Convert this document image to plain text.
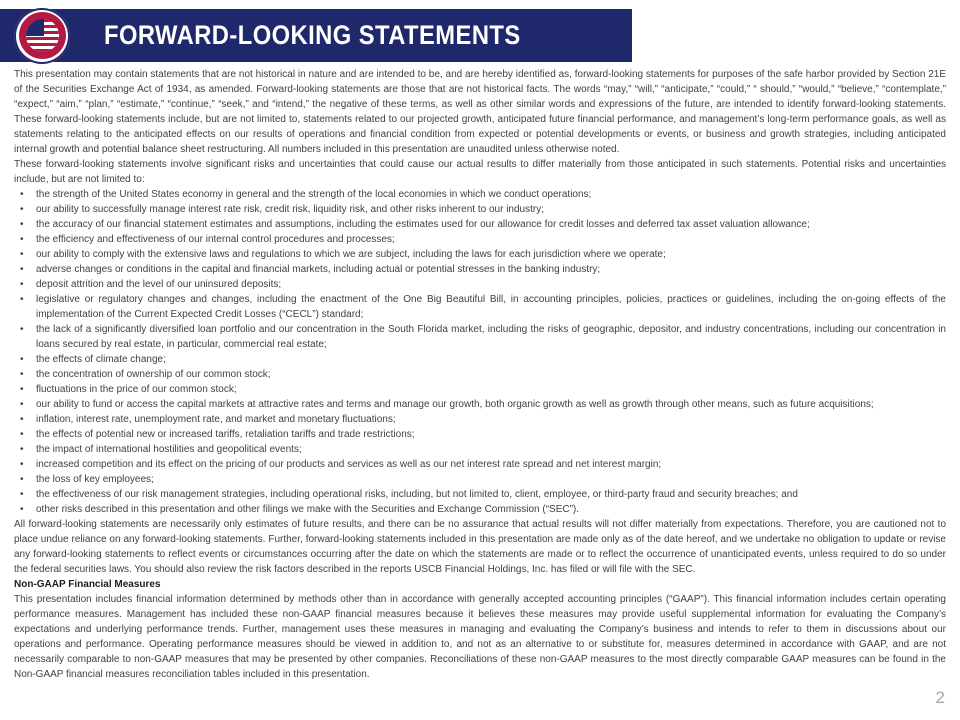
FORWARD-LOOKING STATEMENTS

This presentation may contain statements that are not historical in nature and are intended to be, and are hereby identified as, forward-looking statements for purposes of the safe harbor provided by Section 21E of the Securities Exchange Act of 1934, as amended. Forward-looking statements are those that are not historical facts. The words “may,” “will,” “anticipate,” “could,” “ should,” “would,” “believe,” “contemplate,” “expect,” “aim,” “plan,” “estimate,” “continue,” “seek,” and “intend,” the negative of these terms, as well as other similar words and expressions of the future, are intended to identify forward-looking statements. These forward-looking statements include, but are not limited to, statements related to our projected growth, anticipated future financial performance, and management’s long-term performance goals, as well as statements relating to the anticipated effects on our results of operations and financial condition from expected or potential developments or events, or business and growth strategies, including anticipated internal growth and potential balance sheet restructuring. All numbers included in this presentation are unaudited unless otherwise noted.

These forward-looking statements involve significant risks and uncertainties that could cause our actual results to differ materially from those anticipated in such statements. Potential risks and uncertainties include, but are not limited to:

•	the strength of the United States economy in general and the strength of the local economies in which we conduct operations;
•	our ability to successfully manage interest rate risk, credit risk, liquidity risk, and other risks inherent to our industry;
•	the accuracy of our financial statement estimates and assumptions, including the estimates used for our allowance for credit losses and deferred tax asset valuation allowance;
•	the efficiency and effectiveness of our internal control procedures and processes;
•	our ability to comply with the extensive laws and regulations to which we are subject, including the laws for each jurisdiction where we operate;
•	adverse changes or conditions in the capital and financial markets, including actual or potential stresses in the banking industry;
•	deposit attrition and the level of our uninsured deposits;
•	legislative or regulatory changes and changes, including the enactment of the One Big Beautiful Bill, in accounting principles, policies, practices or guidelines, including the on-going effects of the implementation of the Current Expected Credit Losses (“CECL”) standard;
•	the lack of a significantly diversified loan portfolio and our concentration in the South Florida market, including the risks of geographic, depositor, and industry concentrations, including our concentration in loans secured by real estate, in particular, commercial real estate;
•	the effects of climate change;
•	the concentration of ownership of our common stock;
•	fluctuations in the price of our common stock;
•	our ability to fund or access the capital markets at attractive rates and terms and manage our growth, both organic growth as well as growth through other means, such as future acquisitions;
•	inflation, interest rate, unemployment rate, and market and monetary fluctuations;
•	the effects of potential new or increased tariffs, retaliation tariffs and trade restrictions;
•	the impact of international hostilities and geopolitical events;
•	increased competition and its effect on the pricing of our products and services as well as our net interest rate spread and net interest margin;
•	the loss of key employees;
•	the effectiveness of our risk management strategies, including operational risks, including, but not limited to, client, employee, or third-party fraud and security breaches; and
•	other risks described in this presentation and other filings we make with the Securities and Exchange Commission (“SEC”).

All forward-looking statements are necessarily only estimates of future results, and there can be no assurance that actual results will not differ materially from expectations. Therefore, you are cautioned not to place undue reliance on any forward-looking statements. Further, forward-looking statements included in this presentation are made only as of the date hereof, and we undertake no obligation to update or revise any forward-looking statements to reflect events or circumstances occurring after the date on which the statements are made or to reflect the occurrence of unanticipated events, unless required to do so under the federal securities laws. You should also review the risk factors described in the reports USCB Financial Holdings, Inc. has filed or will file with the SEC.

Non-GAAP Financial Measures

This presentation includes financial information determined by methods other than in accordance with generally accepted accounting principles (“GAAP”). This financial information includes certain operating performance measures. Management has included these non-GAAP financial measures because it believes these measures may provide useful supplemental information for evaluating the Company’s expectations and underlying performance trends. Further, management uses these measures in managing and evaluating the Company’s business and intends to refer to them in discussions about our operations and performance. Operating performance measures should be viewed in addition to, and not as an alternative to or substitute for, measures determined in accordance with GAAP, and are not necessarily comparable to non-GAAP measures that may be presented by other companies. Reconciliations of these non-GAAP measures to the most directly comparable GAAP measures can be found in the Non-GAAP financial measures reconciliation tables included in this presentation.

2
